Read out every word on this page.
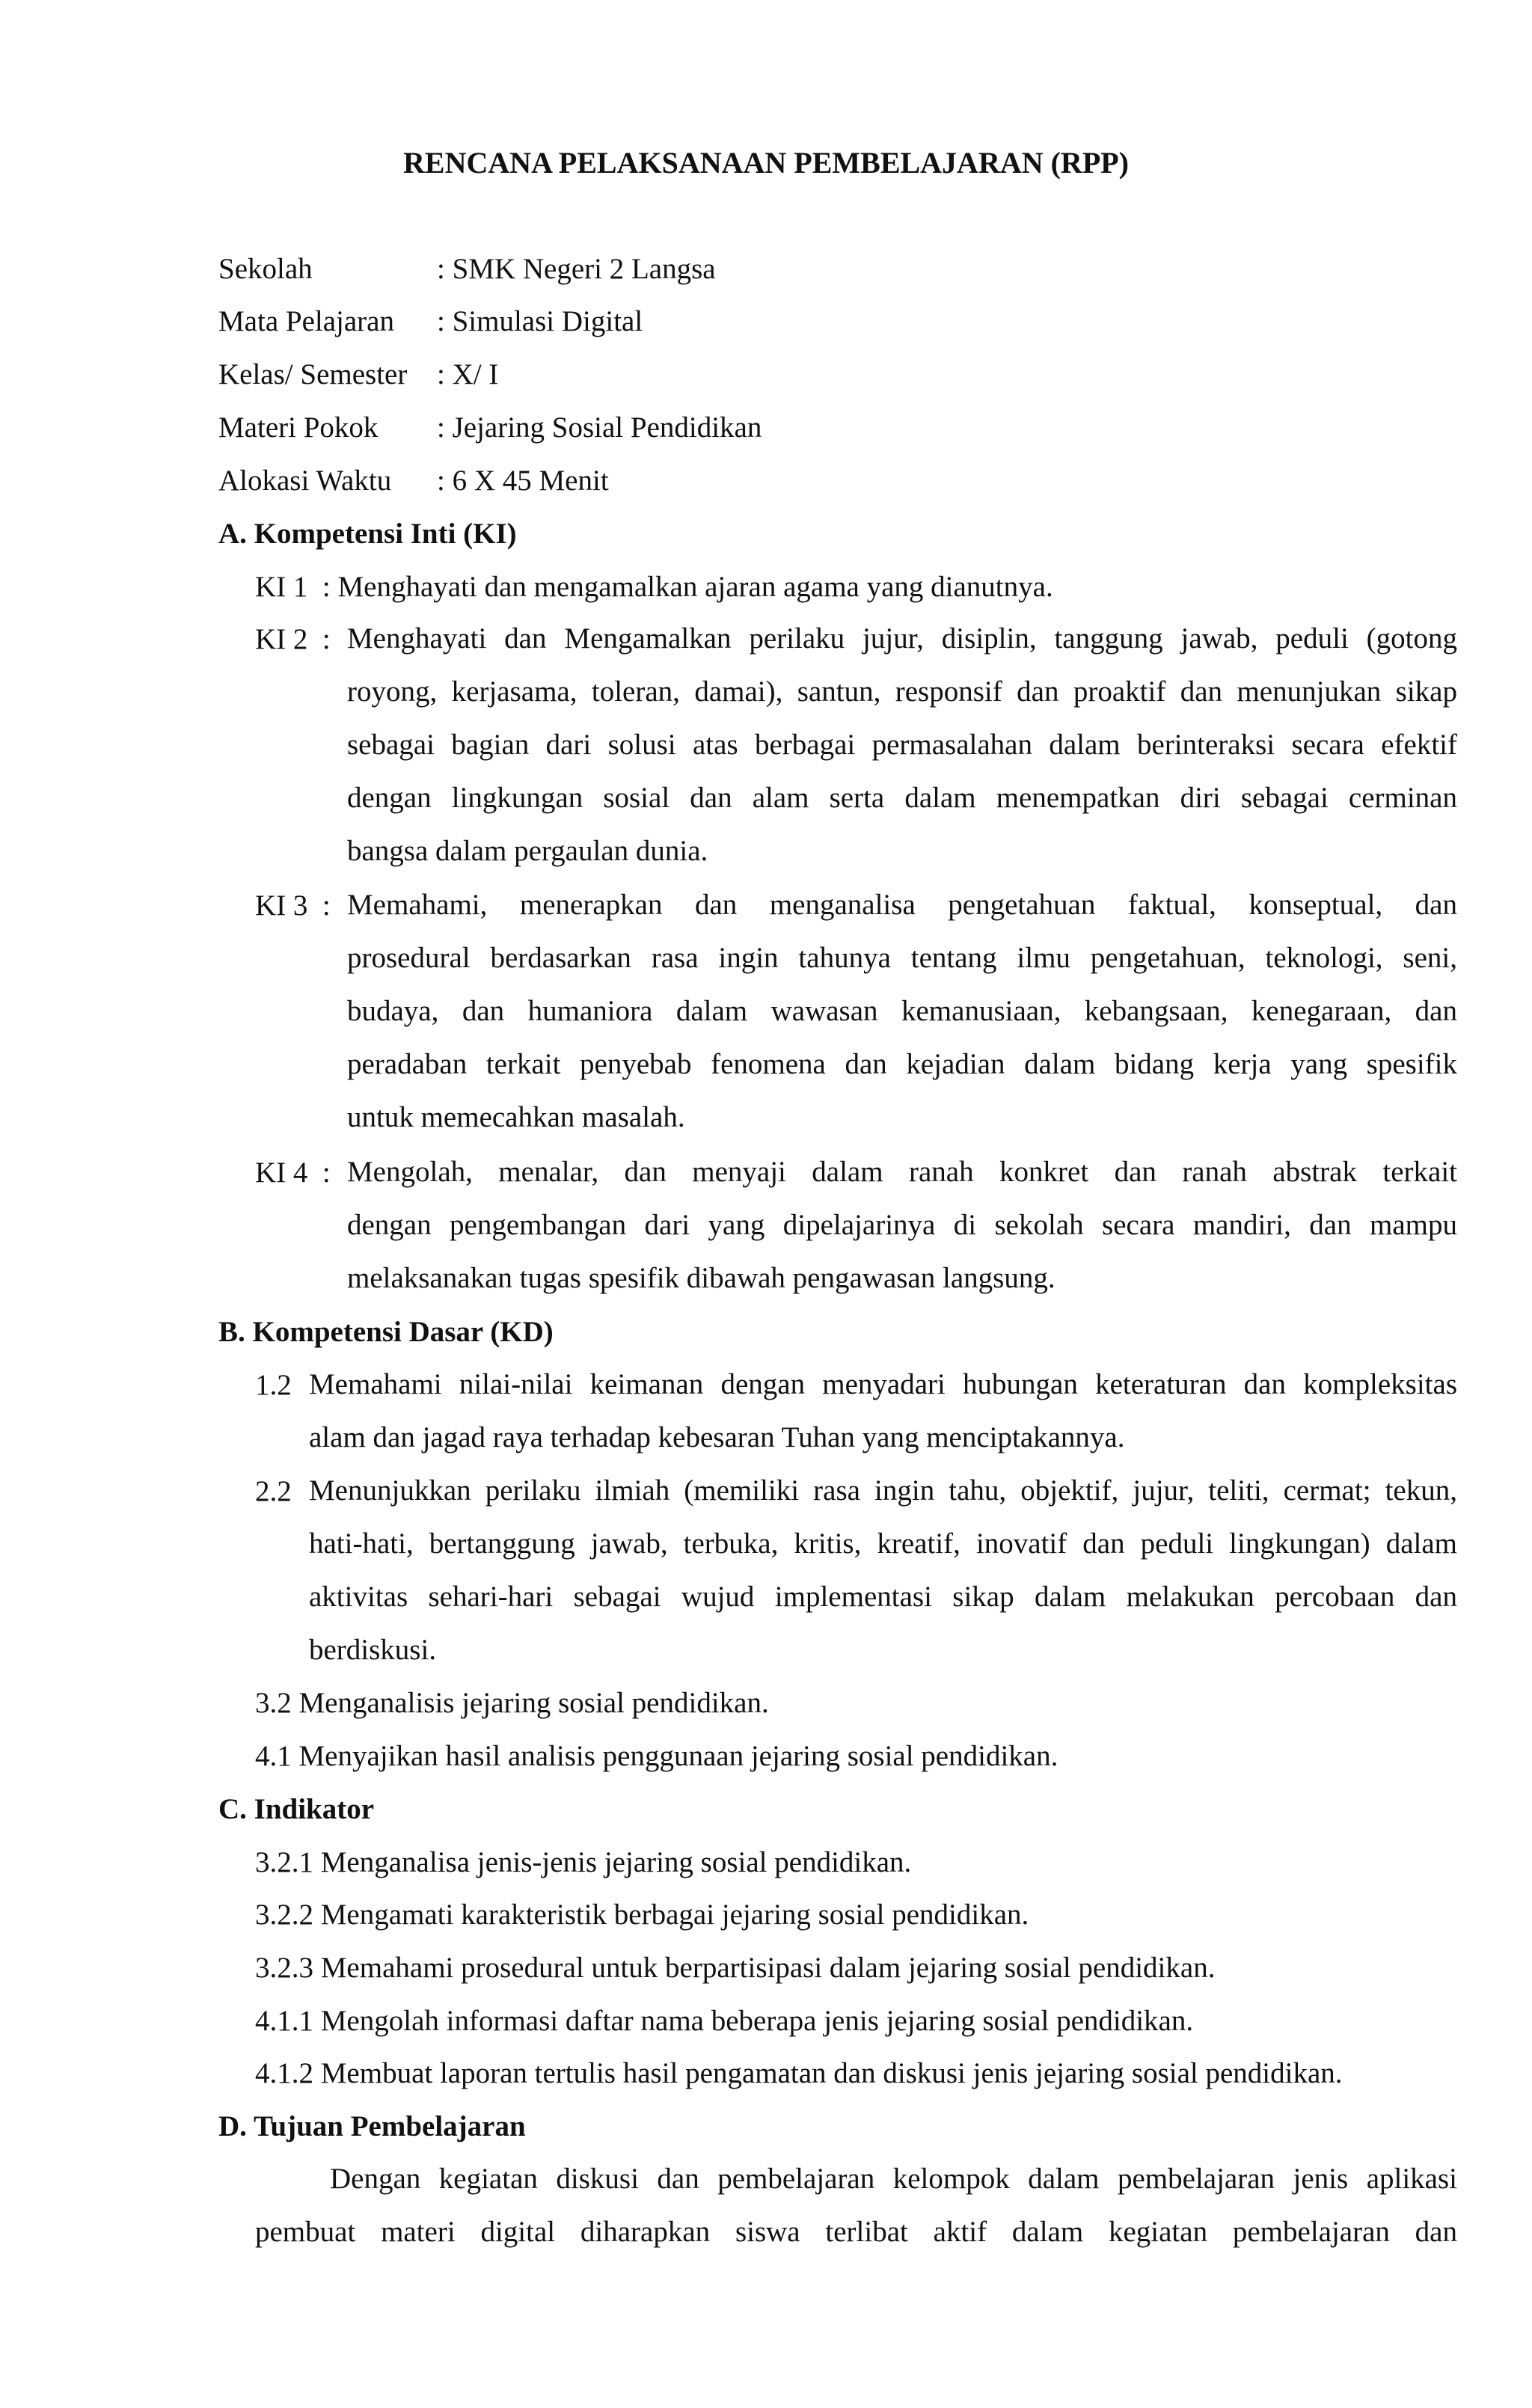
RENCANA PELAKSANAAN PEMBELAJARAN (RPP)
Sekolah	: SMK Negeri 2 Langsa
Mata Pelajaran : Simulasi Digital
Kelas/ Semester : X/ I
Materi Pokok : Jejaring Sosial Pendidikan
Alokasi Waktu : 6 X 45 Menit
A. Kompetensi Inti (KI)
KI 1 : Menghayati dan mengamalkan ajaran agama yang dianutnya.
KI 2 : Menghayati dan Mengamalkan perilaku jujur, disiplin, tanggung jawab, peduli (gotong
royong, kerjasama, toleran, damai), santun, responsif dan proaktif dan menunjukan sikap
sebagai bagian dari solusi atas berbagai permasalahan dalam berinteraksi secara efektif
dengan lingkungan sosial dan alam serta dalam menempatkan diri sebagai cerminan
bangsa dalam pergaulan dunia.
KI 3 : Memahami, menerapkan dan menganalisa pengetahuan faktual, konseptual, dan
prosedural berdasarkan rasa ingin tahunya tentang ilmu pengetahuan, teknologi, seni,
budaya, dan humaniora dalam wawasan kemanusiaan, kebangsaan, kenegaraan, dan
peradaban terkait penyebab fenomena dan kejadian dalam bidang kerja yang spesifik
untuk memecahkan masalah.
KI 4 : Mengolah, menalar, dan menyaji dalam ranah konkret dan ranah abstrak terkait
dengan pengembangan dari yang dipelajarinya di sekolah secara mandiri, dan mampu
melaksanakan tugas spesifik dibawah pengawasan langsung.
B. Kompetensi Dasar (KD)
1.2 Memahami nilai-nilai keimanan dengan menyadari hubungan keteraturan dan kompleksitas
alam dan jagad raya terhadap kebesaran Tuhan yang menciptakannya.
2.2 Menunjukkan perilaku ilmiah (memiliki rasa ingin tahu, objektif, jujur, teliti, cermat; tekun,
hati-hati, bertanggung jawab, terbuka, kritis, kreatif, inovatif dan peduli lingkungan) dalam
aktivitas sehari-hari sebagai wujud implementasi sikap dalam melakukan percobaan dan
berdiskusi.
3.2 Menganalisis jejaring sosial pendidikan.
4.1 Menyajikan hasil analisis penggunaan jejaring sosial pendidikan.
C. Indikator
3.2.1 Menganalisa jenis-jenis jejaring sosial pendidikan.
3.2.2 Mengamati karakteristik berbagai jejaring sosial pendidikan.
3.2.3 Memahami prosedural untuk berpartisipasi dalam jejaring sosial pendidikan.
4.1.1 Mengolah informasi daftar nama beberapa jenis jejaring sosial pendidikan.
4.1.2 Membuat laporan tertulis hasil pengamatan dan diskusi jenis jejaring sosial pendidikan.
D. Tujuan Pembelajaran
Dengan kegiatan diskusi dan pembelajaran kelompok dalam pembelajaran jenis aplikasi
pembuat materi digital diharapkan siswa terlibat aktif dalam kegiatan pembelajaran dan
